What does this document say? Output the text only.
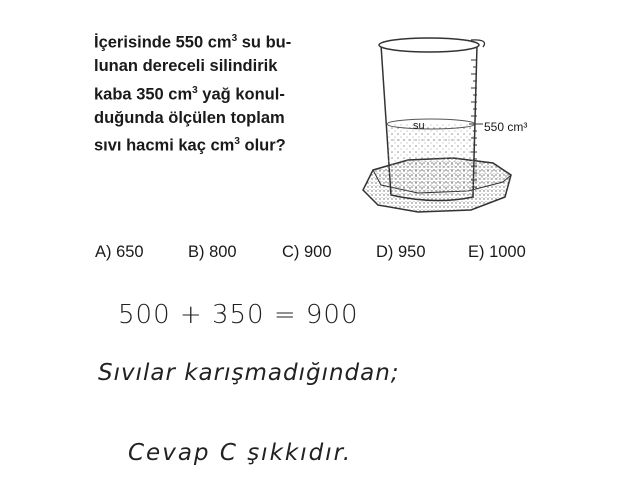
İçerisinde 550 $cm^3$ su bu-
lunan dereceli silindirik
kaba 350 $cm^3$ yağ konul-
duğunda ölçülen toplam
sıvı hacmi kaç $cm^3$ olur?
su	550 cm³
A) 650	B) 800	C) 900	D) 950	E) 1000
500 + 350 = 900
Sıvılar karışmadığından;
Cevap C şıkkıdır.
